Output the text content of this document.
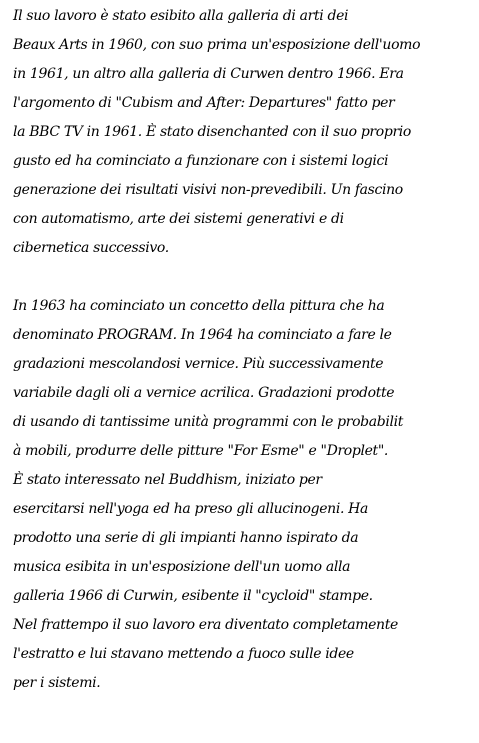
Il suo lavoro è stato esibito alla galleria di arti dei
Beaux Arts in 1960, con suo prima un'esposizione dell'uomo
in 1961, un altro alla galleria di Curwen dentro 1966. Era
l'argomento di "Cubism and After: Departures" fatto per
la BBC TV in 1961. È stato disenchanted con il suo proprio
gusto ed ha cominciato a funzionare con i sistemi logici
generazione dei risultati visivi non-prevedibili. Un fascino
con automatismo, arte dei sistemi generativi e di
cibernetica successivo.
In 1963 ha cominciato un concetto della pittura che ha
denominato PROGRAM. In 1964 ha cominciato a fare le
gradazioni mescolandosi vernice. Più successivamente
variabile dagli oli a vernice acrilica. Gradazioni prodotte
di usando di tantissime unità programmi con le probabilit
à mobili, produrre delle pitture "For Esme" e "Droplet".
È stato interessato nel Buddhism, iniziato per
esercitarsi nell'yoga ed ha preso gli allucinogeni. Ha
prodotto una serie di gli impianti hanno ispirato da
musica esibita in un'esposizione dell'un uomo alla
galleria 1966 di Curwin, esibente il "cycloid" stampe.
Nel frattempo il suo lavoro era diventato completamente
l'estratto e lui stavano mettendo a fuoco sulle idee
per i sistemi.
